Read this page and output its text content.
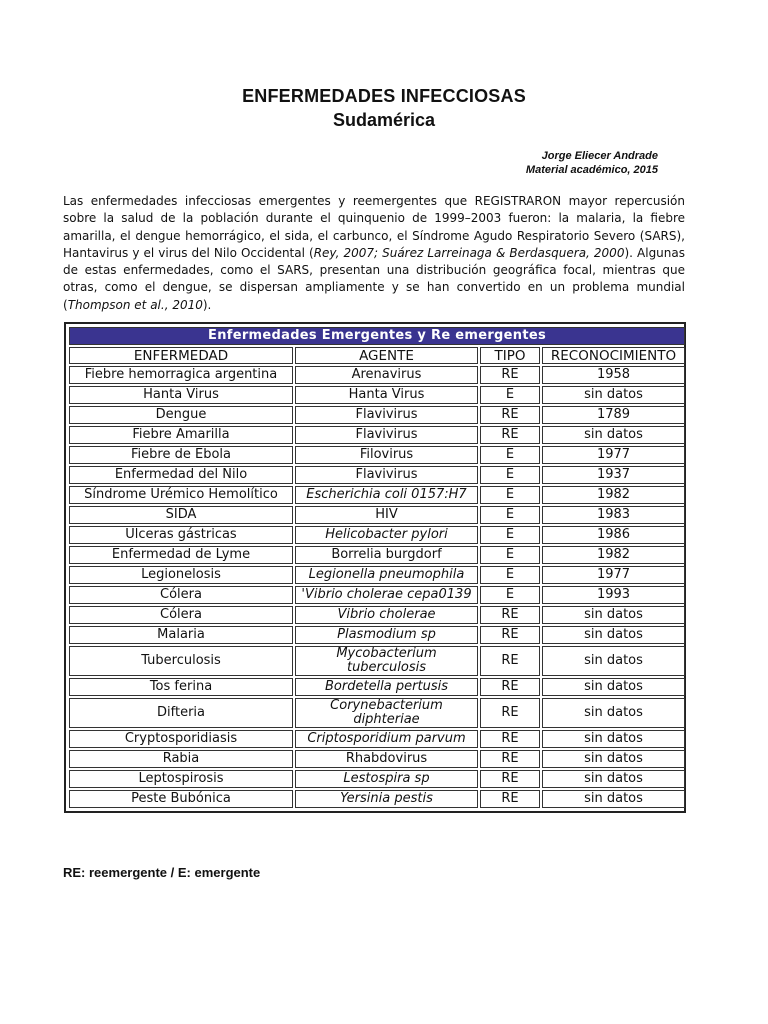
ENFERMEDADES INFECCIOSAS
Sudamérica
Jorge Eliecer Andrade
Material académico, 2015
Las enfermedades infecciosas emergentes y reemergentes que REGISTRARON mayor repercusión sobre la salud de la población durante el quinquenio de 1999–2003 fueron: la malaria, la fiebre amarilla, el dengue hemorrágico, el sida, el carbunco, el Síndrome Agudo Respiratorio Severo (SARS), Hantavirus y el virus del Nilo Occidental (Rey, 2007; Suárez Larreinaga & Berdasquera, 2000). Algunas de estas enfermedades, como el SARS, presentan una distribución geográfica focal, mientras que otras, como el dengue, se dispersan ampliamente y se han convertido en un problema mundial (Thompson et al., 2010).
Enfermedades Emergentes y Re emergentes			
ENFERMEDAD	AGENTE	TIPO	RECONOCIMIENTO
Fiebre hemorragica argentina	Arenavirus	RE	1958
Hanta Virus	Hanta Virus	E	sin datos
Dengue	Flavivirus	RE	1789
Fiebre Amarilla	Flavivirus	RE	sin datos
Fiebre de Ebola	Filovirus	E	1977
Enfermedad del Nilo	Flavivirus	E	1937
Síndrome Urémico Hemolítico	Escherichia coli 0157:H7	E	1982
SIDA	HIV	E	1983
Ulceras gástricas	Helicobacter pylori	E	1986
Enfermedad de Lyme	Borrelia burgdorf	E	1982
Legionelosis	Legionella pneumophila	E	1977
Cólera	'Vibrio cholerae cepa0139	E	1993
Cólera	Vibrio cholerae	RE	sin datos
Malaria	Plasmodium sp	RE	sin datos
Tuberculosis	Mycobacterium tuberculosis	RE	sin datos
Tos ferina	Bordetella pertusis	RE	sin datos
Difteria	Corynebacterium diphteriae	RE	sin datos
Cryptosporidiasis	Criptosporidium parvum	RE	sin datos
Rabia	Rhabdovirus	RE	sin datos
Leptospirosis	Lestospira sp	RE	sin datos
Peste Bubónica	Yersinia pestis	RE	sin datos
RE: reemergente / E: emergente
